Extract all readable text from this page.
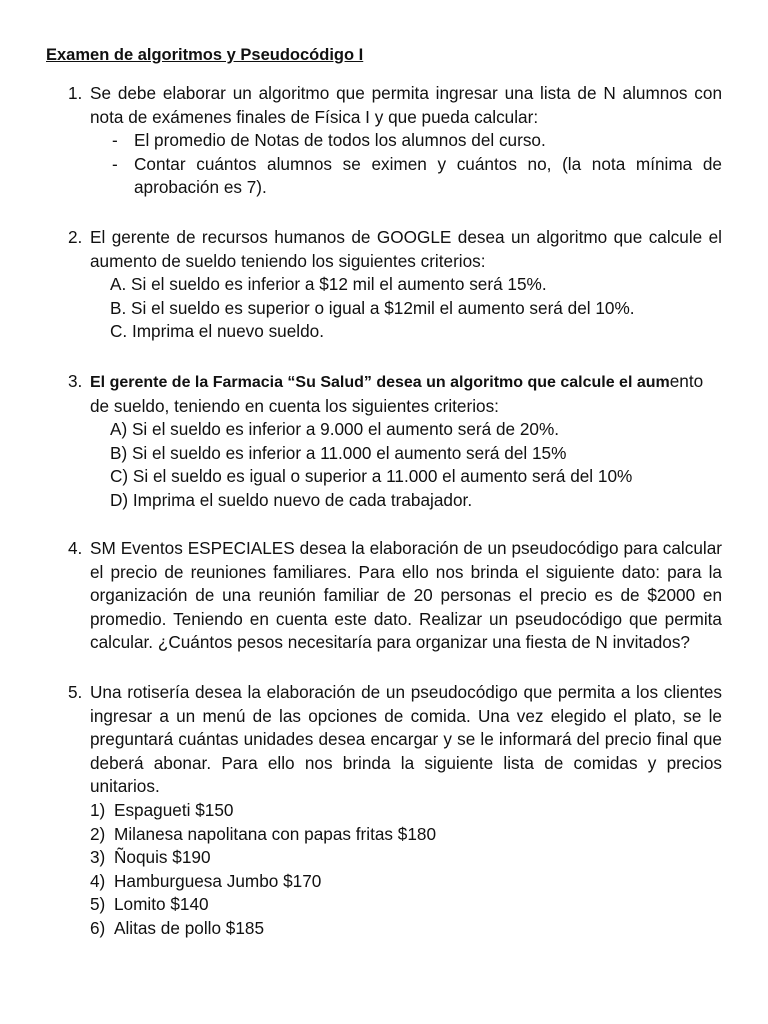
Examen de algoritmos y Pseudocódigo I
1. Se debe elaborar un algoritmo que permita ingresar una lista de N alumnos con nota de exámenes finales de Física I y que pueda calcular:
- El promedio de Notas de todos los alumnos del curso.
- Contar cuántos alumnos se eximen y cuántos no, (la nota mínima de aprobación es 7).
2. El gerente de recursos humanos de GOOGLE desea un algoritmo que calcule el aumento de sueldo teniendo los siguientes criterios:
A. Si el sueldo es inferior a $12 mil el aumento será 15%.
B. Si el sueldo es superior o igual a $12mil el aumento será del 10%.
C. Imprima el nuevo sueldo.
3. El gerente de la Farmacia “Su Salud” desea un algoritmo que calcule el aumento de sueldo, teniendo en cuenta los siguientes criterios:
A) Si el sueldo es inferior a 9.000 el aumento será de 20%.
B) Si el sueldo es inferior a 11.000 el aumento será del 15%
C) Si el sueldo es igual o superior a 11.000 el aumento será del 10%
D) Imprima el sueldo nuevo de cada trabajador.
4. SM Eventos ESPECIALES desea la elaboración de un pseudocódigo para calcular el precio de reuniones familiares. Para ello nos brinda el siguiente dato: para la organización de una reunión familiar de 20 personas el precio es de $2000 en promedio. Teniendo en cuenta este dato. Realizar un pseudocódigo que permita calcular. ¿Cuántos pesos necesitaría para organizar una fiesta de N invitados?
5. Una rotisería desea la elaboración de un pseudocódigo que permita a los clientes ingresar a un menú de las opciones de comida. Una vez elegido el plato, se le preguntará cuántas unidades desea encargar y se le informará del precio final que deberá abonar. Para ello nos brinda la siguiente lista de comidas y precios unitarios.
1) Espagueti $150
2) Milanesa napolitana con papas fritas $180
3) Ñoquis $190
4) Hamburguesa Jumbo $170
5) Lomito $140
6) Alitas de pollo $185
